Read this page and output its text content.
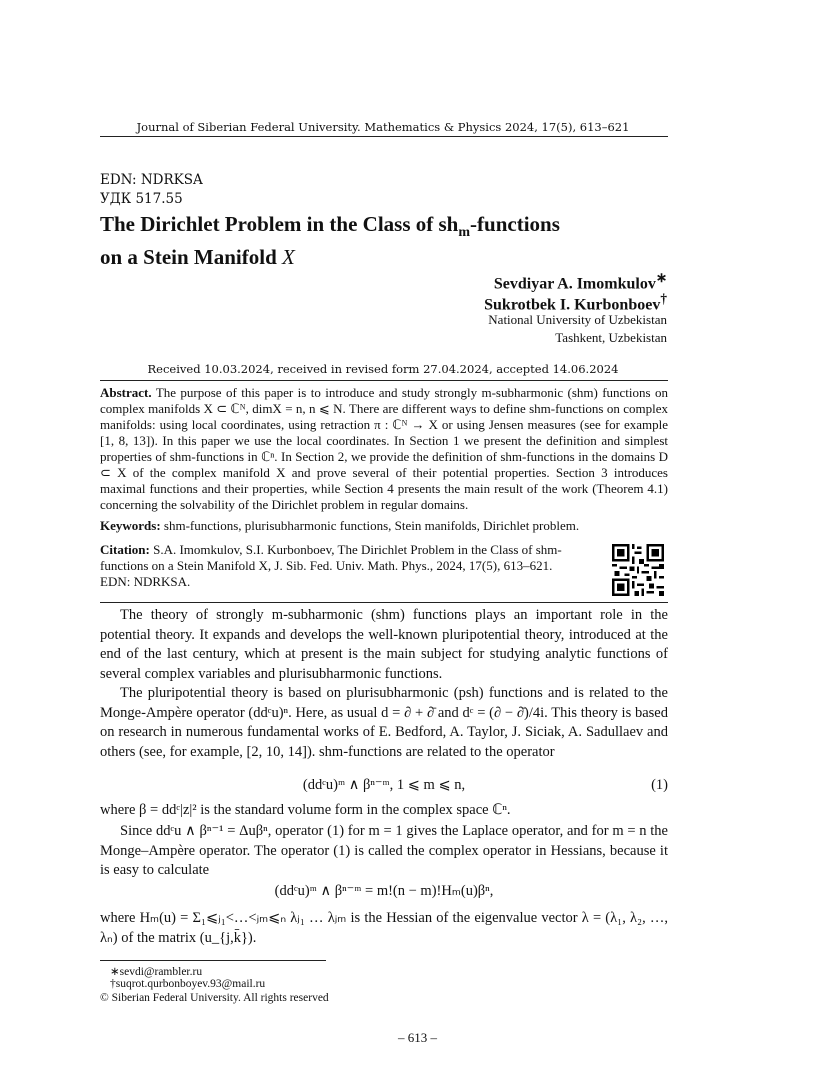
Journal of Siberian Federal University. Mathematics & Physics 2024, 17(5), 613–621
EDN: NDRKSA
УДК 517.55
The Dirichlet Problem in the Class of $sh_m$-functions
on a Stein Manifold X
Sevdiyar A. Imomkulov∗
Sukrotbek I. Kurbonboev†
National University of Uzbekistan
Tashkent, Uzbekistan
Received 10.03.2024, received in revised form 27.04.2024, accepted 14.06.2024
Abstract. The purpose of this paper is to introduce and study strongly m-subharmonic (shm) functions on complex manifolds X ⊂ ℂᴺ, dimX = n, n ⩽ N. There are different ways to define shm-functions on complex manifolds: using local coordinates, using retraction π : ℂᴺ → X or using Jensen measures (see for example [1, 8, 13]). In this paper we use the local coordinates. In Section 1 we present the definition and simplest properties of shm-functions in ℂⁿ. In Section 2, we provide the definition of shm-functions in the domains D ⊂ X of the complex manifold X and prove several of their potential properties. Section 3 introduces maximal functions and their properties, while Section 4 presents the main result of the work (Theorem 4.1) concerning the solvability of the Dirichlet problem in regular domains.
Keywords: shm-functions, plurisubharmonic functions, Stein manifolds, Dirichlet problem.
Citation: S.A. Imomkulov, S.I. Kurbonboev, The Dirichlet Problem in the Class of shm-functions on a Stein Manifold X, J. Sib. Fed. Univ. Math. Phys., 2024, 17(5), 613–621. EDN: NDRKSA.

The theory of strongly m-subharmonic (shm) functions plays an important role in the potential theory. It expands and develops the well-known pluripotential theory, introduced at the end of the last century, which at present is the main subject for studying analytic functions of several complex variables and plurisubharmonic functions.

The pluripotential theory is based on plurisubharmonic (psh) functions and is related to the Monge-Ampère operator (ddᶜu)ⁿ. Here, as usual d = ∂ + ∂̄ and dᶜ = (∂ − ∂̄)/4i. This theory is based on research in numerous fundamental works of E. Bedford, A. Taylor, J. Siciak, A. Sadullaev and others (see, for example, [2, 10, 14]). shm-functions are related to the operator

(ddᶜu)ᵐ ∧ βⁿ⁻ᵐ, 1 ⩽ m ⩽ n,	(1)
where β = ddᶜ|z|² is the standard volume form in the complex space ℂⁿ.

Since ddᶜu ∧ βⁿ⁻¹ = Δuβⁿ, operator (1) for m = 1 gives the Laplace operator, and for m = n the Monge–Ampère operator. The operator (1) is called the complex operator in Hessians, because it is easy to calculate

(ddᶜu)ᵐ ∧ βⁿ⁻ᵐ = m!(n − m)!Hₘ(u)βⁿ,
where Hₘ(u) = Σ₁⩽ⱼ₁<…<ⱼₘ⩽ₙ λⱼ₁ … λⱼₘ is the Hessian of the eigenvalue vector λ = (λ₁, λ₂, …, λₙ) of the matrix (u_{j,k̄}).
∗sevdi@rambler.ru
†suqrot.qurbonboyev.93@mail.ru
© Siberian Federal University. All rights reserved
– 613 –
